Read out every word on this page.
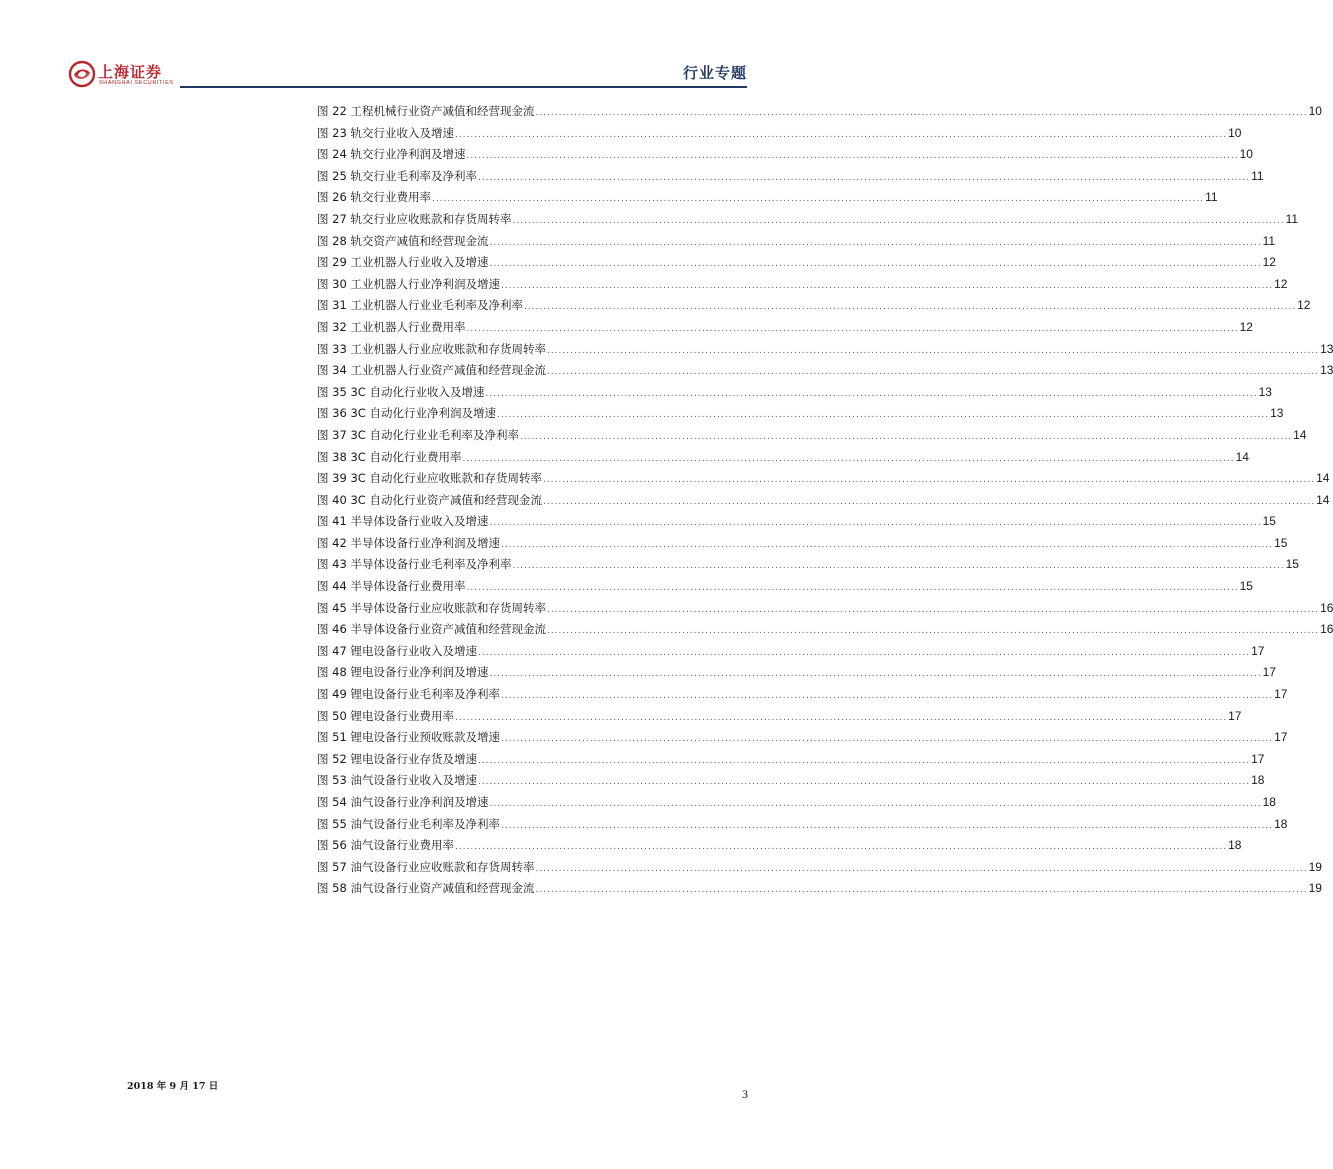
上海证券
SHANGHAI SECURITIES
行业专题
图 22 工程机械行业资产减值和经营现金流 ........................................................................................................................................................................................................ 10
图 23 轨交行业收入及增速 ........................................................................................................................................................................................................ 10
图 24 轨交行业净利润及增速 ........................................................................................................................................................................................................ 10
图 25 轨交行业毛利率及净利率 ........................................................................................................................................................................................................ 11
图 26 轨交行业费用率 ........................................................................................................................................................................................................ 11
图 27 轨交行业应收账款和存货周转率 ........................................................................................................................................................................................................ 11
图 28 轨交资产减值和经营现金流 ........................................................................................................................................................................................................ 11
图 29 工业机器人行业收入及增速 ........................................................................................................................................................................................................ 12
图 30 工业机器人行业净利润及增速 ........................................................................................................................................................................................................ 12
图 31 工业机器人行业业毛利率及净利率 ........................................................................................................................................................................................................ 12
图 32 工业机器人行业费用率 ........................................................................................................................................................................................................ 12
图 33 工业机器人行业应收账款和存货周转率 ........................................................................................................................................................................................................ 13
图 34 工业机器人行业资产减值和经营现金流 ........................................................................................................................................................................................................ 13
图 35 3C 自动化行业收入及增速 ........................................................................................................................................................................................................ 13
图 36 3C 自动化行业净利润及增速 ........................................................................................................................................................................................................ 13
图 37 3C 自动化行业业毛利率及净利率 ........................................................................................................................................................................................................ 14
图 38 3C 自动化行业费用率 ........................................................................................................................................................................................................ 14
图 39 3C 自动化行业应收账款和存货周转率 ........................................................................................................................................................................................................ 14
图 40 3C 自动化行业资产减值和经营现金流 ........................................................................................................................................................................................................ 14
图 41 半导体设备行业收入及增速 ........................................................................................................................................................................................................ 15
图 42 半导体设备行业净利润及增速 ........................................................................................................................................................................................................ 15
图 43 半导体设备行业毛利率及净利率 ........................................................................................................................................................................................................ 15
图 44 半导体设备行业费用率 ........................................................................................................................................................................................................ 15
图 45 半导体设备行业应收账款和存货周转率 ........................................................................................................................................................................................................ 16
图 46 半导体设备行业资产减值和经营现金流 ........................................................................................................................................................................................................ 16
图 47 锂电设备行业收入及增速 ........................................................................................................................................................................................................ 17
图 48 锂电设备行业净利润及增速 ........................................................................................................................................................................................................ 17
图 49 锂电设备行业毛利率及净利率 ........................................................................................................................................................................................................ 17
图 50 锂电设备行业费用率 ........................................................................................................................................................................................................ 17
图 51 锂电设备行业预收账款及增速 ........................................................................................................................................................................................................ 17
图 52 锂电设备行业存货及增速 ........................................................................................................................................................................................................ 17
图 53 油气设备行业收入及增速 ........................................................................................................................................................................................................ 18
图 54 油气设备行业净利润及增速 ........................................................................................................................................................................................................ 18
图 55 油气设备行业毛利率及净利率 ........................................................................................................................................................................................................ 18
图 56 油气设备行业费用率 ........................................................................................................................................................................................................ 18
图 57 油气设备行业应收账款和存货周转率 ........................................................................................................................................................................................................ 19
图 58 油气设备行业资产减值和经营现金流 ........................................................................................................................................................................................................ 19
2018 年 9 月 17 日
3
